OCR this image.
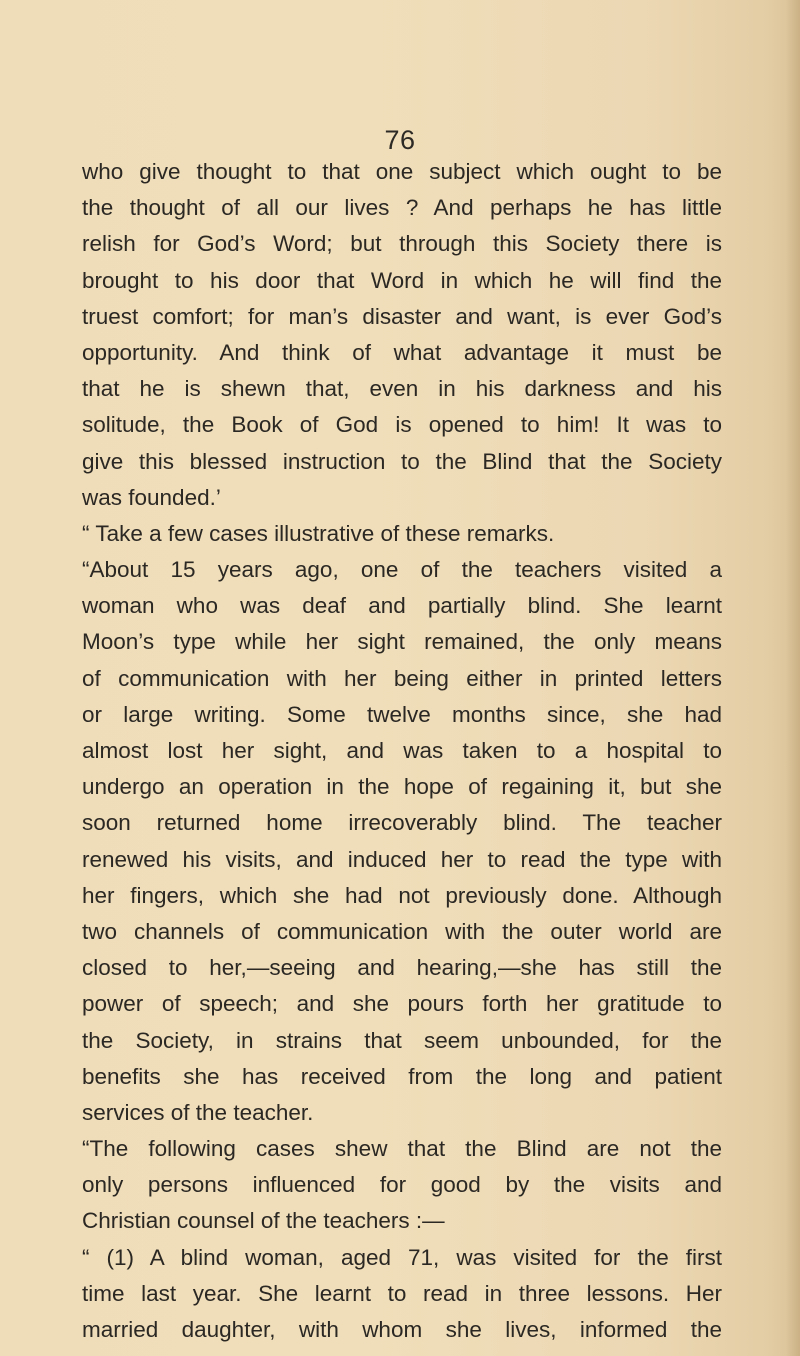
76
who give thought to that one subject which ought to be
the thought of all our lives ? And perhaps he has little
relish for God’s Word; but through this Society there is
brought to his door that Word in which he will find the
truest comfort; for man’s disaster and want, is ever God’s
opportunity. And think of what advantage it must be
that he is shewn that, even in his darkness and his
solitude, the Book of God is opened to him! It was to
give this blessed instruction to the Blind that the Society
was founded.’
“ Take a few cases illustrative of these remarks.
“About 15 years ago, one of the teachers visited a
woman who was deaf and partially blind. She learnt
Moon’s type while her sight remained, the only means
of communication with her being either in printed letters
or large writing. Some twelve months since, she had
almost lost her sight, and was taken to a hospital to
undergo an operation in the hope of regaining it, but she
soon returned home irrecoverably blind. The teacher
renewed his visits, and induced her to read the type with
her fingers, which she had not previously done. Although
two channels of communication with the outer world are
closed to her,—seeing and hearing,—she has still the
power of speech; and she pours forth her gratitude to
the Society, in strains that seem unbounded, for the
benefits she has received from the long and patient
services of the teacher.
“The following cases shew that the Blind are not the
only persons influenced for good by the visits and
Christian counsel of the teachers :—
“ (1) A blind woman, aged 71, was visited for the first
time last year. She learnt to read in three lessons. Her
married daughter, with whom she lives, informed the
